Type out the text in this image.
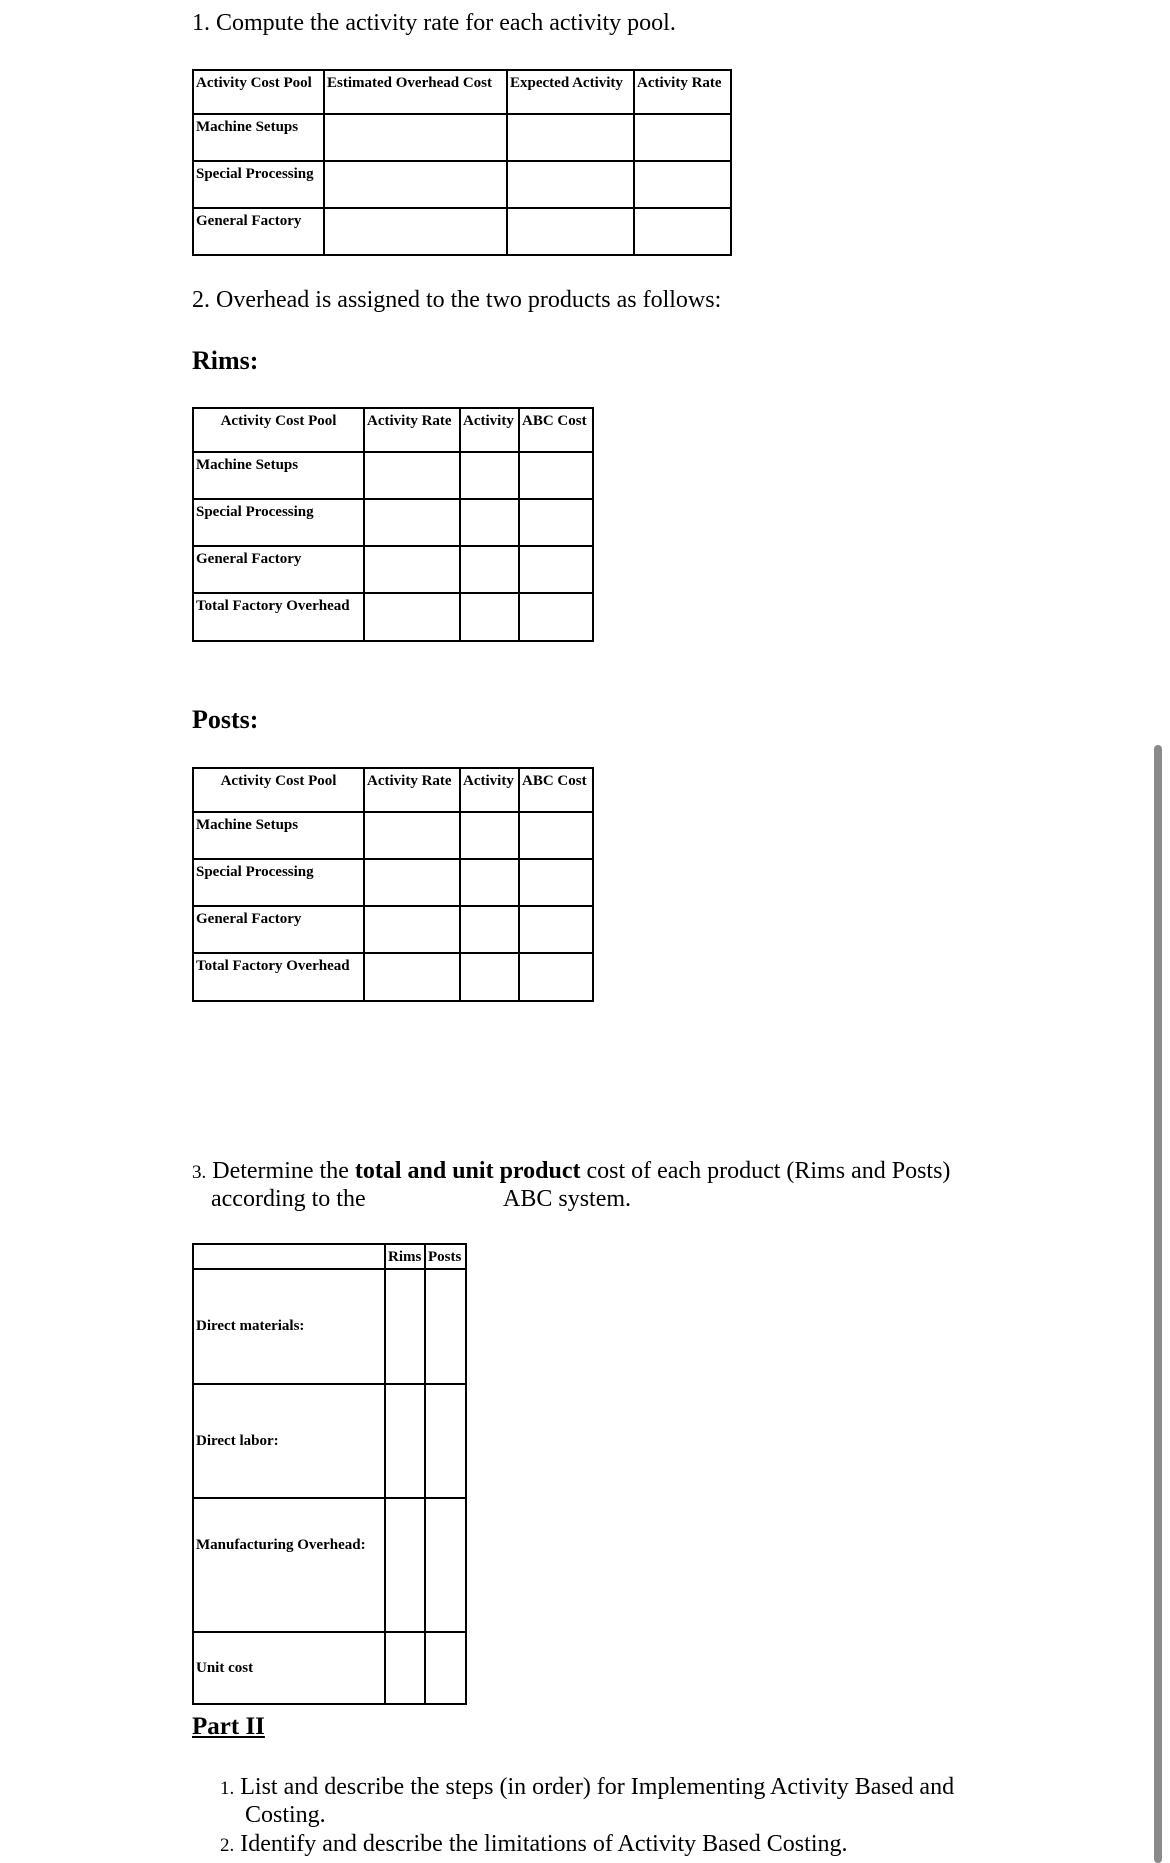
1. Compute the activity rate for each activity pool.
Activity Cost Pool	Estimated Overhead Cost	Expected Activity	Activity Rate
Machine Setups			
Special Processing			
General Factory			
2. Overhead is assigned to the two products as follows:
Rims:
Activity Cost Pool	Activity Rate	Activity	ABC Cost
Machine Setups			
Special Processing			
General Factory			
Total Factory Overhead			
Posts:
Activity Cost Pool	Activity Rate	Activity	ABC Cost
Machine Setups			
Special Processing			
General Factory			
Total Factory Overhead			
3. Determine the total and unit product cost of each product (Rims and Posts)
according to the	ABC system.
	Rims	Posts
Direct materials:		
Direct labor:		
Manufacturing Overhead:		
Unit cost		
Part II
1. List and describe the steps (in order) for Implementing Activity Based and
Costing.
2. Identify and describe the limitations of Activity Based Costing.
